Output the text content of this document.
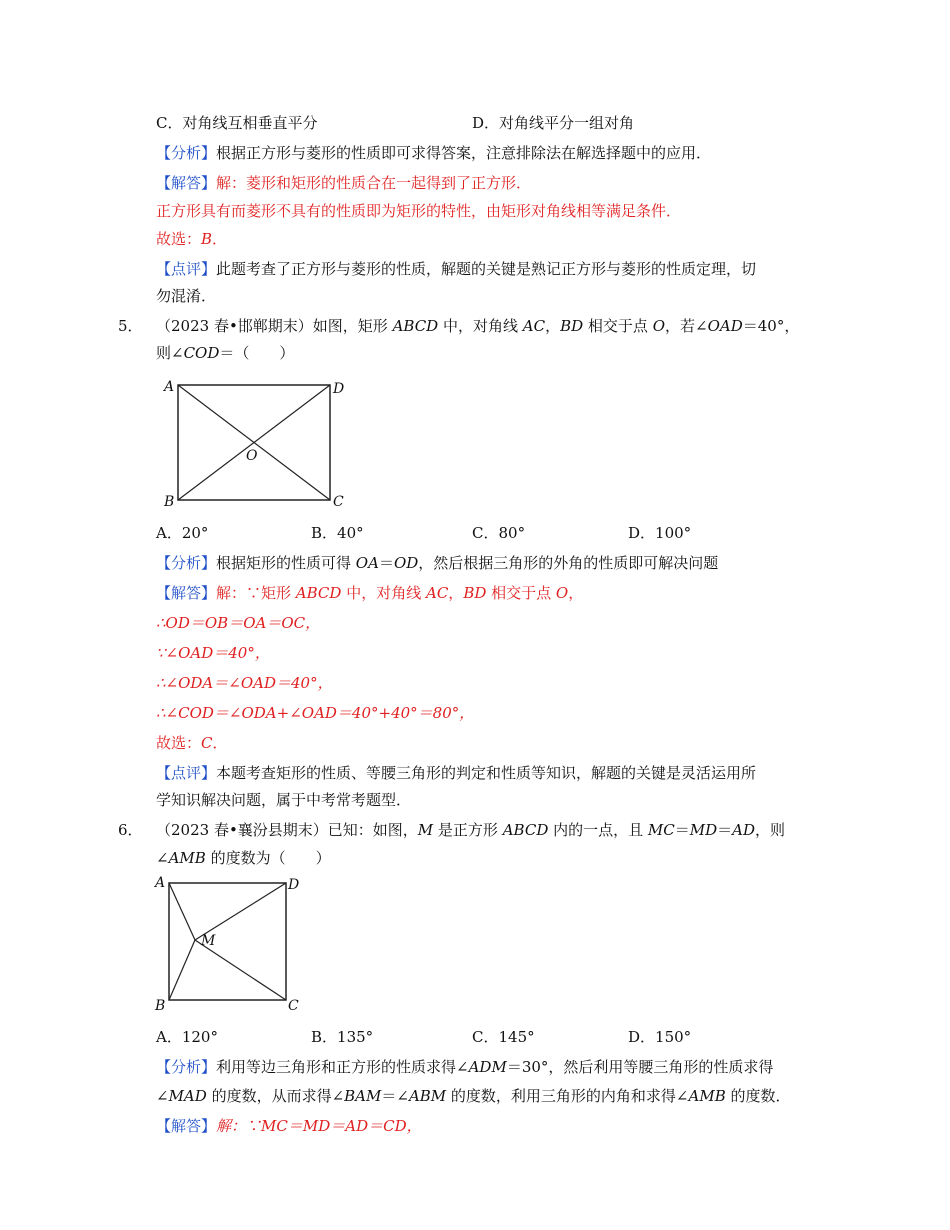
C．对角线互相垂直平分	D．对角线平分一组对角
【分析】根据正方形与菱形的性质即可求得答案，注意排除法在解选择题中的应用．
【解答】解：菱形和矩形的性质合在一起得到了正方形．
正方形具有而菱形不具有的性质即为矩形的特性，由矩形对角线相等满足条件．
故选：B．
【点评】此题考查了正方形与菱形的性质，解题的关键是熟记正方形与菱形的性质定理，切
勿混淆．
5． （2023 春•邯郸期末）如图，矩形 ABCD 中，对角线 AC，BD 相交于点 O，若∠OAD＝40°，
则∠COD＝（　　）
A
B	C
D
O
A．20°	B．40°	C．80°	D．100°
【分析】根据矩形的性质可得 OA＝OD，然后根据三角形的外角的性质即可解决问题
【解答】解：∵矩形 ABCD 中，对角线 AC，BD 相交于点 O，
∴OD＝OB＝OA＝OC，
∵∠OAD＝40°，
∴∠ODA＝∠OAD＝40°，
∴∠COD＝∠ODA+∠OAD＝40°+40°＝80°，
故选：C．
【点评】本题考查矩形的性质、等腰三角形的判定和性质等知识，解题的关键是灵活运用所
学知识解决问题，属于中考常考题型．
6． （2023 春•襄汾县期末）已知：如图，M 是正方形 ABCD 内的一点，且 MC＝MD＝AD，则
∠AMB 的度数为（　　）
A
B	C
D
M
A．120°	B．135°	C．145°	D．150°
【分析】利用等边三角形和正方形的性质求得∠ADM＝30°，然后利用等腰三角形的性质求得
∠MAD 的度数，从而求得∠BAM＝∠ABM 的度数，利用三角形的内角和求得∠AMB 的度数．
【解答】解：∵MC＝MD＝AD＝CD，
